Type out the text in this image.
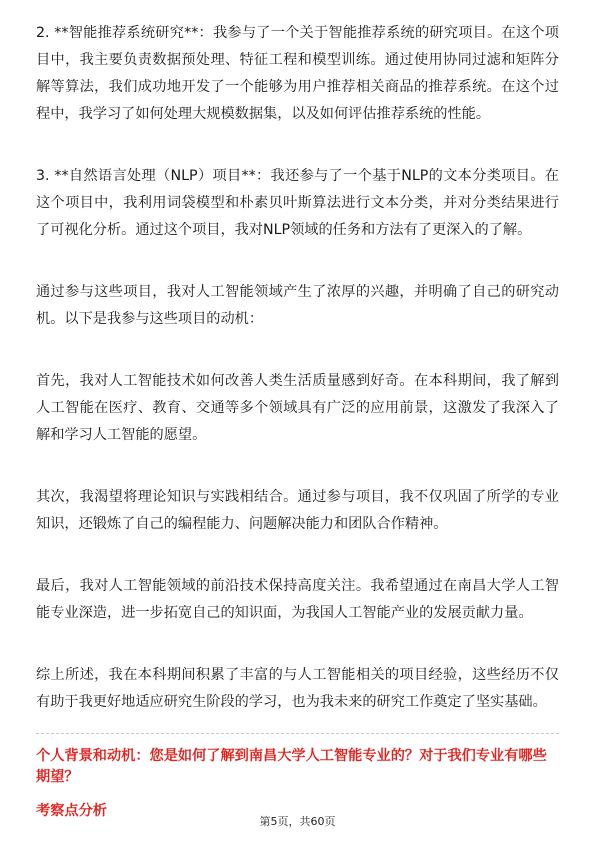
2. **智能推荐系统研究**：我参与了一个关于智能推荐系统的研究项目。在这个项目中，我主要负责数据预处理、特征工程和模型训练。通过使用协同过滤和矩阵分解等算法，我们成功地开发了一个能够为用户推荐相关商品的推荐系统。在这个过程中，我学习了如何处理大规模数据集，以及如何评估推荐系统的性能。

3. **自然语言处理（NLP）项目**：我还参与了一个基于NLP的文本分类项目。在这个项目中，我利用词袋模型和朴素贝叶斯算法进行文本分类，并对分类结果进行了可视化分析。通过这个项目，我对NLP领域的任务和方法有了更深入的了解。

通过参与这些项目，我对人工智能领域产生了浓厚的兴趣，并明确了自己的研究动机。以下是我参与这些项目的动机：

首先，我对人工智能技术如何改善人类生活质量感到好奇。在本科期间，我了解到人工智能在医疗、教育、交通等多个领域具有广泛的应用前景，这激发了我深入了解和学习人工智能的愿望。

其次，我渴望将理论知识与实践相结合。通过参与项目，我不仅巩固了所学的专业知识，还锻炼了自己的编程能力、问题解决能力和团队合作精神。

最后，我对人工智能领域的前沿技术保持高度关注。我希望通过在南昌大学人工智能专业深造，进一步拓宽自己的知识面，为我国人工智能产业的发展贡献力量。

综上所述，我在本科期间积累了丰富的与人工智能相关的项目经验，这些经历不仅有助于我更好地适应研究生阶段的学习，也为我未来的研究工作奠定了坚实基础。

个人背景和动机：您是如何了解到南昌大学人工智能专业的？对于我们专业有哪些期望？

考察点分析

第5页，共60页
